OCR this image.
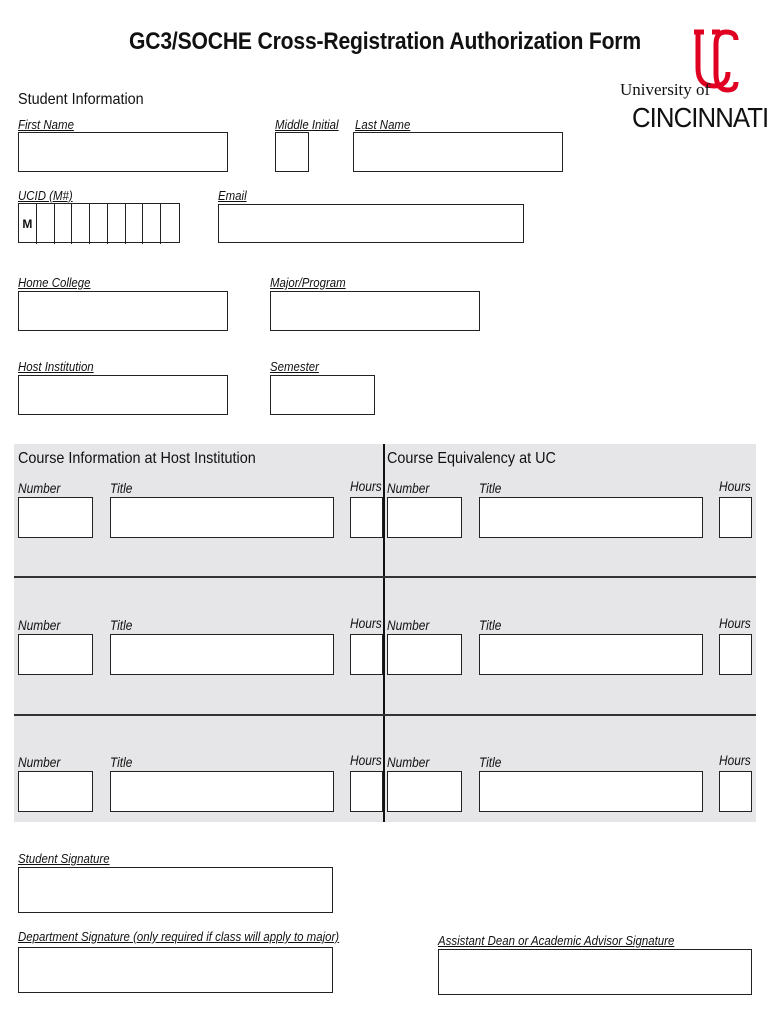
GC3/SOCHE Cross-Registration Authorization Form
University of
CINCINNATI
Student Information
First Name	Middle Initial Last Name
UCID (M#)
M
Email
Home College	Major/Program
Host Institution	Semester
Course Information at Host Institution	Course Equivalency at UC
Number	Title	Hours Number	Title	Hours
Number	Title	Hours Number	Title	Hours
Number	Title	Hours Number	Title	Hours
Student Signature
Department Signature (only required if class will apply to major)	Assistant Dean or Academic Advisor Signature
